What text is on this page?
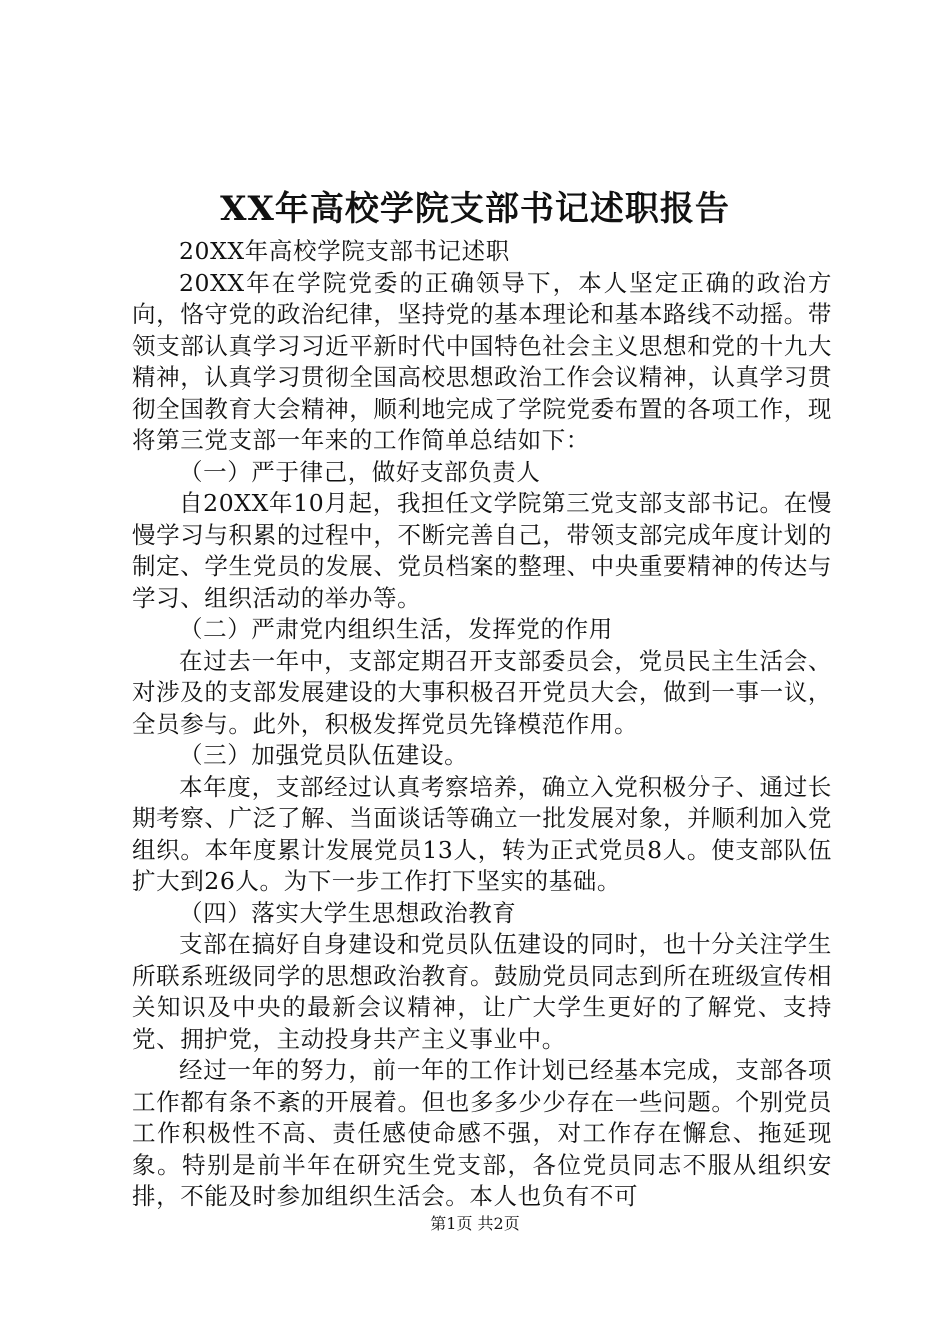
XX年高校学院支部书记述职报告

20XX年高校学院支部书记述职

20XX年在学院党委的正确领导下，本人坚定正确的政治方向，恪守党的政治纪律，坚持党的基本理论和基本路线不动摇。带领支部认真学习习近平新时代中国特色社会主义思想和党的十九大精神，认真学习贯彻全国高校思想政治工作会议精神，认真学习贯彻全国教育大会精神，顺利地完成了学院党委布置的各项工作，现将第三党支部一年来的工作简单总结如下：

（一）严于律己，做好支部负责人

自20XX年10月起，我担任文学院第三党支部支部书记。在慢慢学习与积累的过程中，不断完善自己，带领支部完成年度计划的制定、学生党员的发展、党员档案的整理、中央重要精神的传达与学习、组织活动的举办等。

（二）严肃党内组织生活，发挥党的作用

在过去一年中，支部定期召开支部委员会，党员民主生活会、对涉及的支部发展建设的大事积极召开党员大会，做到一事一议，全员参与。此外，积极发挥党员先锋模范作用。

（三）加强党员队伍建设。

本年度，支部经过认真考察培养，确立入党积极分子、通过长期考察、广泛了解、当面谈话等确立一批发展对象，并顺利加入党组织。本年度累计发展党员13人，转为正式党员8人。使支部队伍扩大到26人。为下一步工作打下坚实的基础。

（四）落实大学生思想政治教育

支部在搞好自身建设和党员队伍建设的同时，也十分关注学生所联系班级同学的思想政治教育。鼓励党员同志到所在班级宣传相关知识及中央的最新会议精神，让广大学生更好的了解党、支持党、拥护党，主动投身共产主义事业中。

经过一年的努力，前一年的工作计划已经基本完成，支部各项工作都有条不紊的开展着。但也多多少少存在一些问题。个别党员工作积极性不高、责任感使命感不强，对工作存在懈怠、拖延现象。特别是前半年在研究生党支部，各位党员同志不服从组织安排，不能及时参加组织生活会。本人也负有不可

第1页 共2页
